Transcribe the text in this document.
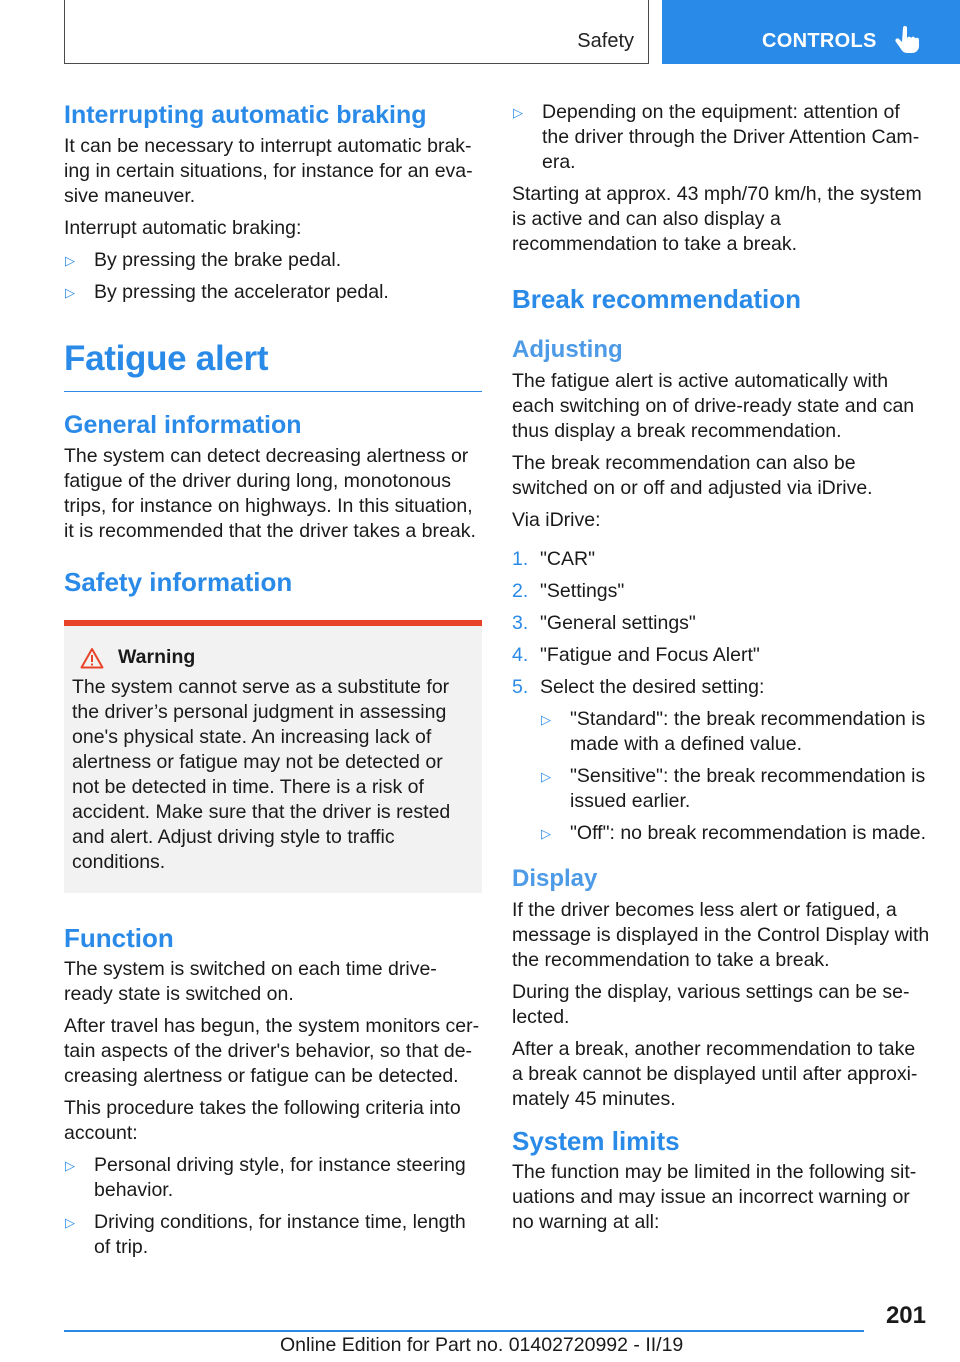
Safety	CONTROLS
Interrupting automatic braking

It can be necessary to interrupt automatic braking in certain situations, for instance for an evasive maneuver.

Interrupt automatic braking:

▷ By pressing the brake pedal.
▷ By pressing the accelerator pedal.
Fatigue alert
General information

The system can detect decreasing alertness or fatigue of the driver during long, monotonous trips, for instance on highways. In this situation, it is recommended that the driver takes a break.

Safety information
Warning

The system cannot serve as a substitute for the driver’s personal judgment in assessing one's physical state. An increasing lack of alertness or fatigue may not be detected or not be detected in time. There is a risk of accident. Make sure that the driver is rested and alert. Adjust driving style to traffic conditions.

Function

The system is switched on each time drive-ready state is switched on.

After travel has begun, the system monitors certain aspects of the driver's behavior, so that decreasing alertness or fatigue can be detected.

This procedure takes the following criteria into account:

▷ Personal driving style, for instance steering behavior.
▷ Driving conditions, for instance time, length of trip.
▷ Depending on the equipment: attention of the driver through the Driver Attention Camera.

Starting at approx. 43 mph/70 km/h, the system is active and can also display a recommendation to take a break.

Break recommendation
Adjusting

The fatigue alert is active automatically with each switching on of drive-ready state and can thus display a break recommendation.

The break recommendation can also be switched on or off and adjusted via iDrive.

Via iDrive:

1. "CAR"
2. "Settings"
3. "General settings"
4. "Fatigue and Focus Alert"
5. Select the desired setting:
▷ "Standard": the break recommendation is made with a defined value.
▷ "Sensitive": the break recommendation is issued earlier.
▷ "Off": no break recommendation is made.
Display

If the driver becomes less alert or fatigued, a message is displayed in the Control Display with the recommendation to take a break.

During the display, various settings can be selected.

After a break, another recommendation to take a break cannot be displayed until after approximately 45 minutes.

System limits

The function may be limited in the following situations and may issue an incorrect warning or no warning at all:

201
Online Edition for Part no. 01402720992 - II/19
